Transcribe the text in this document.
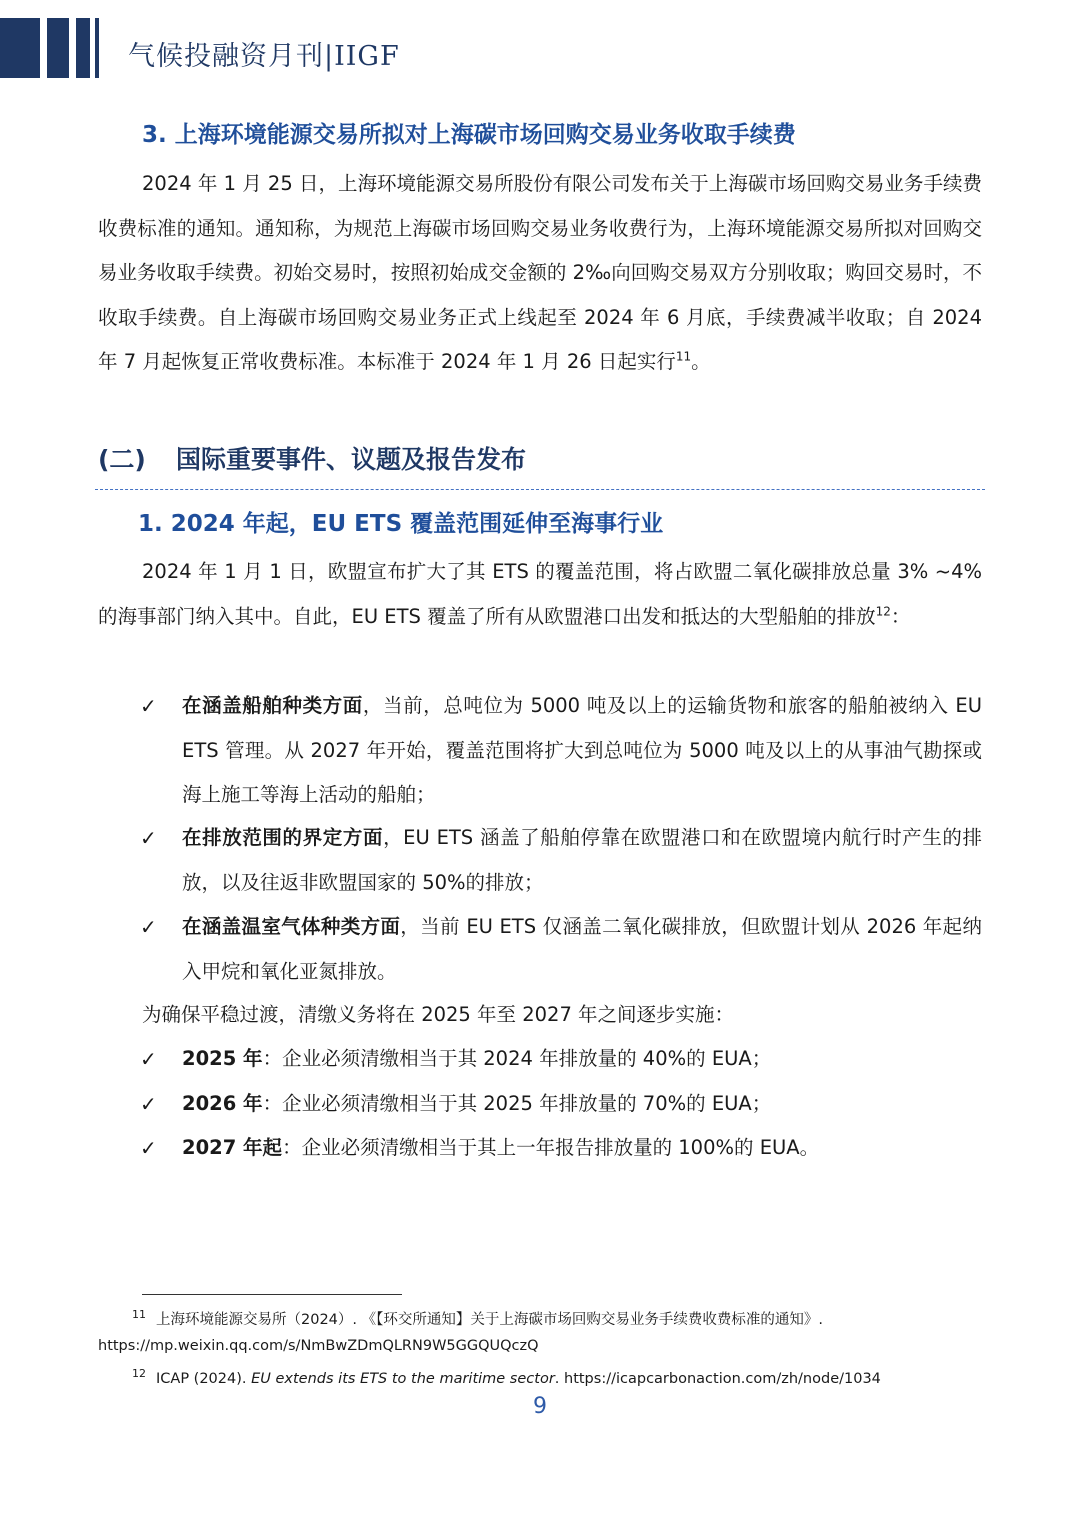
气候投融资月刊|IIGF
3. 上海环境能源交易所拟对上海碳市场回购交易业务收取手续费

2024 年 1 月 25 日，上海环境能源交易所股份有限公司发布关于上海碳市场回购交易业务手续费收费标准的通知。通知称，为规范上海碳市场回购交易业务收费行为，上海环境能源交易所拟对回购交易业务收取手续费。初始交易时，按照初始成交金额的 2‰向回购交易双方分别收取；购回交易时，不收取手续费。自上海碳市场回购交易业务正式上线起至 2024 年 6 月底，手续费减半收取；自 2024 年 7 月起恢复正常收费标准。本标准于 2024 年 1 月 26 日起实行$^{11}$。

(二) 国际重要事件、议题及报告发布
1. 2024 年起，EU ETS 覆盖范围延伸至海事行业

2024 年 1 月 1 日，欧盟宣布扩大了其 ETS 的覆盖范围，将占欧盟二氧化碳排放总量 3% ~4%的海事部门纳入其中。自此，EU ETS 覆盖了所有从欧盟港口出发和抵达的大型船舶的排放$^{12}$：

✓ 在涵盖船舶种类方面，当前，总吨位为 5000 吨及以上的运输货物和旅客的船舶被纳入 EU ETS 管理。从 2027 年开始，覆盖范围将扩大到总吨位为 5000 吨及以上的从事油气勘探或海上施工等海上活动的船舶；

✓ 在排放范围的界定方面，EU ETS 涵盖了船舶停靠在欧盟港口和在欧盟境内航行时产生的排放，以及往返非欧盟国家的 50%的排放；

✓ 在涵盖温室气体种类方面，当前 EU ETS 仅涵盖二氧化碳排放，但欧盟计划从 2026 年起纳入甲烷和氧化亚氮排放。

为确保平稳过渡，清缴义务将在 2025 年至 2027 年之间逐步实施：
✓ 2025 年：企业必须清缴相当于其 2024 年排放量的 40%的 EUA；

✓ 2026 年：企业必须清缴相当于其 2025 年排放量的 70%的 EUA；

✓ 2027 年起：企业必须清缴相当于其上一年报告排放量的 100%的 EUA。

$^{11}$ 上海环境能源交易所（2024）. 《【环交所通知】关于上海碳市场回购交易业务手续费收费标准的通知》.
https://mp.weixin.qq.com/s/NmBwZDmQLRN9W5GGQUQczQ
$^{12}$ ICAP (2024). EU extends its ETS to the maritime sector. https://icapcarbonaction.com/zh/node/1034
9
